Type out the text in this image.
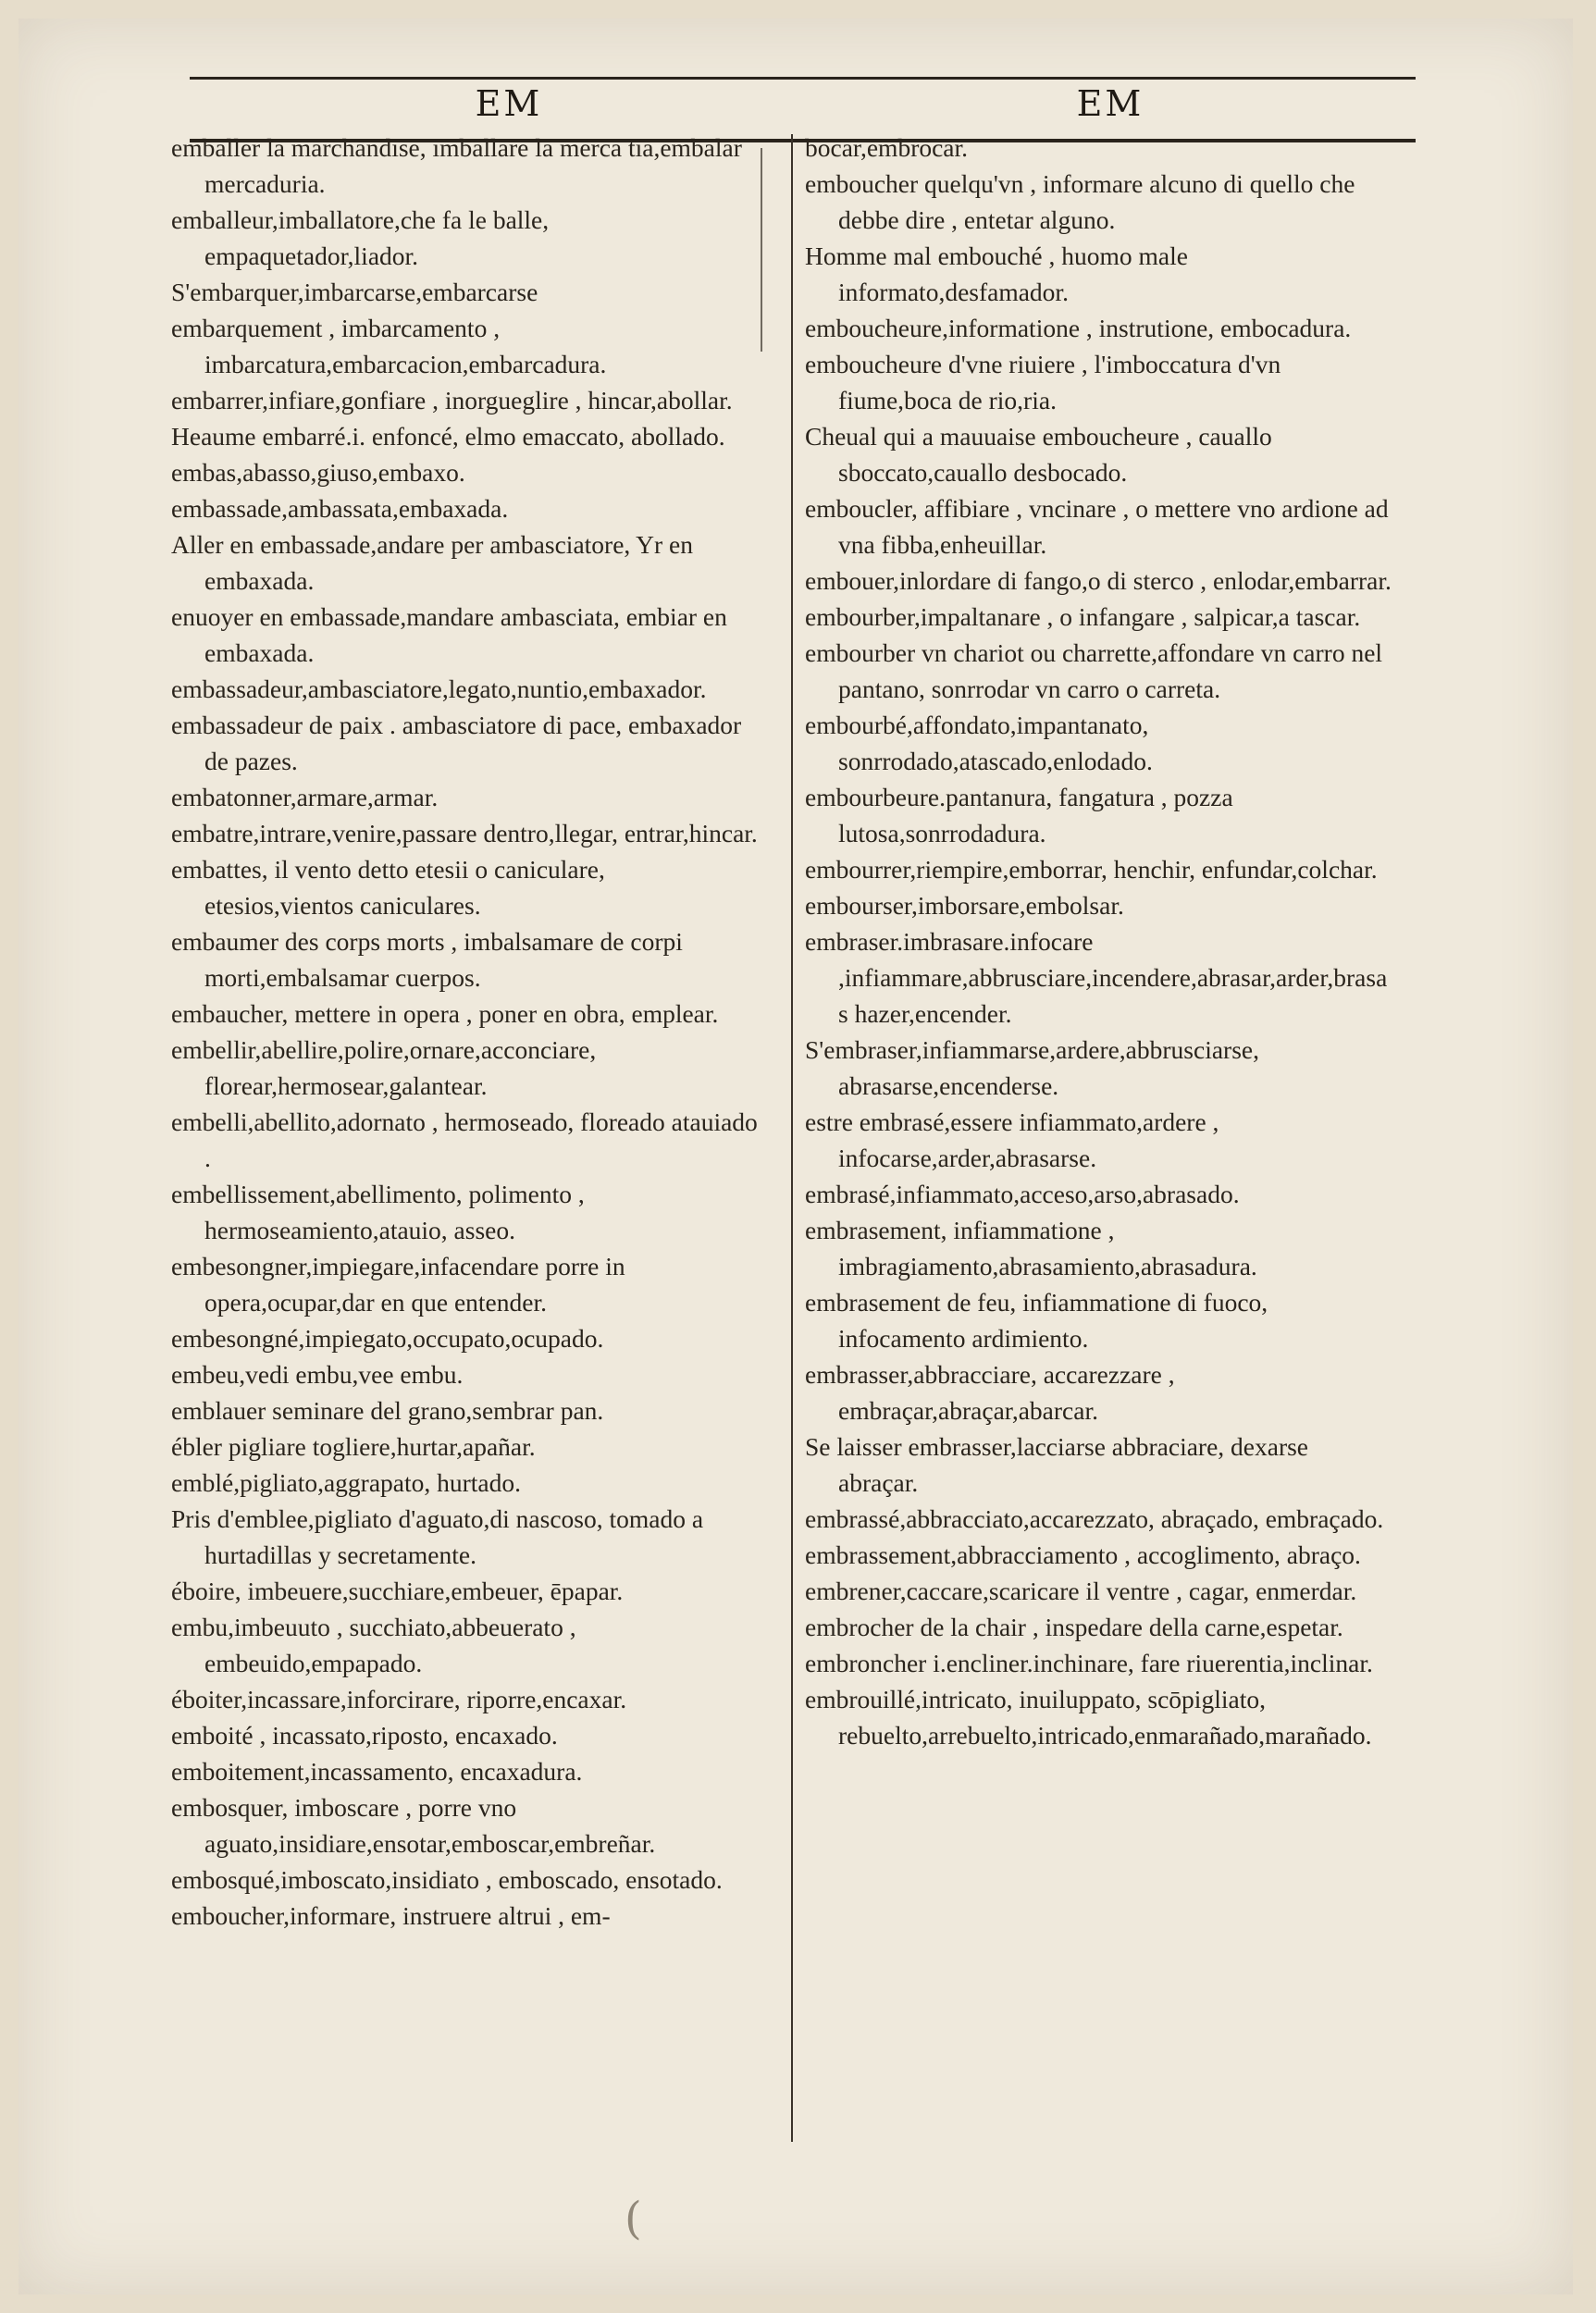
EM	EM
emballer la marchandise, imballare la mercā tia,embalar mercaduria.
emballeur,imballatore,che fa le balle, empaquetador,liador.
S'embarquer,imbarcarse,embarcarse
embarquement , imbarcamento , imbarcatura,embarcacion,embarcadura.
embarrer,infiare,gonfiare , inorgueglire , hincar,abollar.
Heaume embarré.i. enfoncé, elmo emaccato, abollado.
embas,abasso,giuso,embaxo.
embassade,ambassata,embaxada.
Aller en embassade,andare per ambasciatore, Yr en embaxada.
enuoyer en embassade,mandare ambasciata, embiar en embaxada.
embassadeur,ambasciatore,legato,nuntio,embaxador.
embassadeur de paix . ambasciatore di pace, embaxador de pazes.
embatonner,armare,armar.
embatre,intrare,venire,passare dentro,llegar, entrar,hincar.
embattes, il vento detto etesii o caniculare, etesios,vientos caniculares.
embaumer des corps morts , imbalsamare de corpi morti,embalsamar cuerpos.
embaucher, mettere in opera , poner en obra, emplear.
embellir,abellire,polire,ornare,acconciare, florear,hermosear,galantear.
embelli,abellito,adornato , hermoseado, floreado atauiado .
embellissement,abellimento, polimento , hermoseamiento,atauio, asseo.
embesongner,impiegare,infacendare porre in opera,ocupar,dar en que entender.
embesongné,impiegato,occupato,ocupado.
embeu,vedi embu,vee embu.
emblauer seminare del grano,sembrar pan.
ébler pigliare togliere,hurtar,apañar.
emblé,pigliato,aggrapato, hurtado.
Pris d'emblee,pigliato d'aguato,di nascoso, tomado a hurtadillas y secretamente.
éboire, imbeuere,succhiare,embeuer, ēpapar.
embu,imbeuuto , succhiato,abbeuerato , embeuido,empapado.
éboiter,incassare,inforcirare, riporre,encaxar.
emboité , incassato,riposto, encaxado.
emboitement,incassamento, encaxadura.
embosquer, imboscare , porre vno aguato,insidiare,ensotar,emboscar,embreñar.
embosqué,imboscato,insidiato , emboscado, ensotado.
emboucher,informare, instruere altrui , em-
bocar,embrocar.
emboucher quelqu'vn , informare alcuno di quello che debbe dire , entetar alguno.
Homme mal embouché , huomo male informato,desfamador.
emboucheure,informatione , instrutione, embocadura.
emboucheure d'vne riuiere , l'imboccatura d'vn fiume,boca de rio,ria.
Cheual qui a mauuaise emboucheure , cauallo sboccato,cauallo desbocado.
emboucler, affibiare , vncinare , o mettere vno ardione ad vna fibba,enheuillar.
embouer,inlordare di fango,o di sterco , enlodar,embarrar.
embourber,impaltanare , o infangare , salpicar,a tascar.
embourber vn chariot ou charrette,affondare vn carro nel pantano, sonrrodar vn carro o carreta.
embourbé,affondato,impantanato, sonrrodado,atascado,enlodado.
embourbeure.pantanura, fangatura , pozza lutosa,sonrrodadura.
embourrer,riempire,emborrar, henchir, enfundar,colchar.
embourser,imborsare,embolsar.
embraser.imbrasare.infocare ,infiammare,abbrusciare,incendere,abrasar,arder,brasas hazer,encender.
S'embraser,infiammarse,ardere,abbrusciarse, abrasarse,encenderse.
estre embrasé,essere infiammato,ardere , infocarse,arder,abrasarse.
embrasé,infiammato,acceso,arso,abrasado.
embrasement, infiammatione , imbragiamento,abrasamiento,abrasadura.
embrasement de feu, infiammatione di fuoco, infocamento ardimiento.
embrasser,abbracciare, accarezzare , embraçar,abraçar,abarcar.
Se laisser embrasser,lacciarse abbraciare, dexarse abraçar.
embrassé,abbracciato,accarezzato, abraçado, embraçado.
embrassement,abbracciamento , accoglimento, abraço.
embrener,caccare,scaricare il ventre , cagar, enmerdar.
embrocher de la chair , inspedare della carne,espetar.
embroncher i.encliner.inchinare, fare riuerentia,inclinar.
embrouillé,intricato, inuiluppato, scōpigliato, rebuelto,arrebuelto,intricado,enmarañado,marañado.
(
